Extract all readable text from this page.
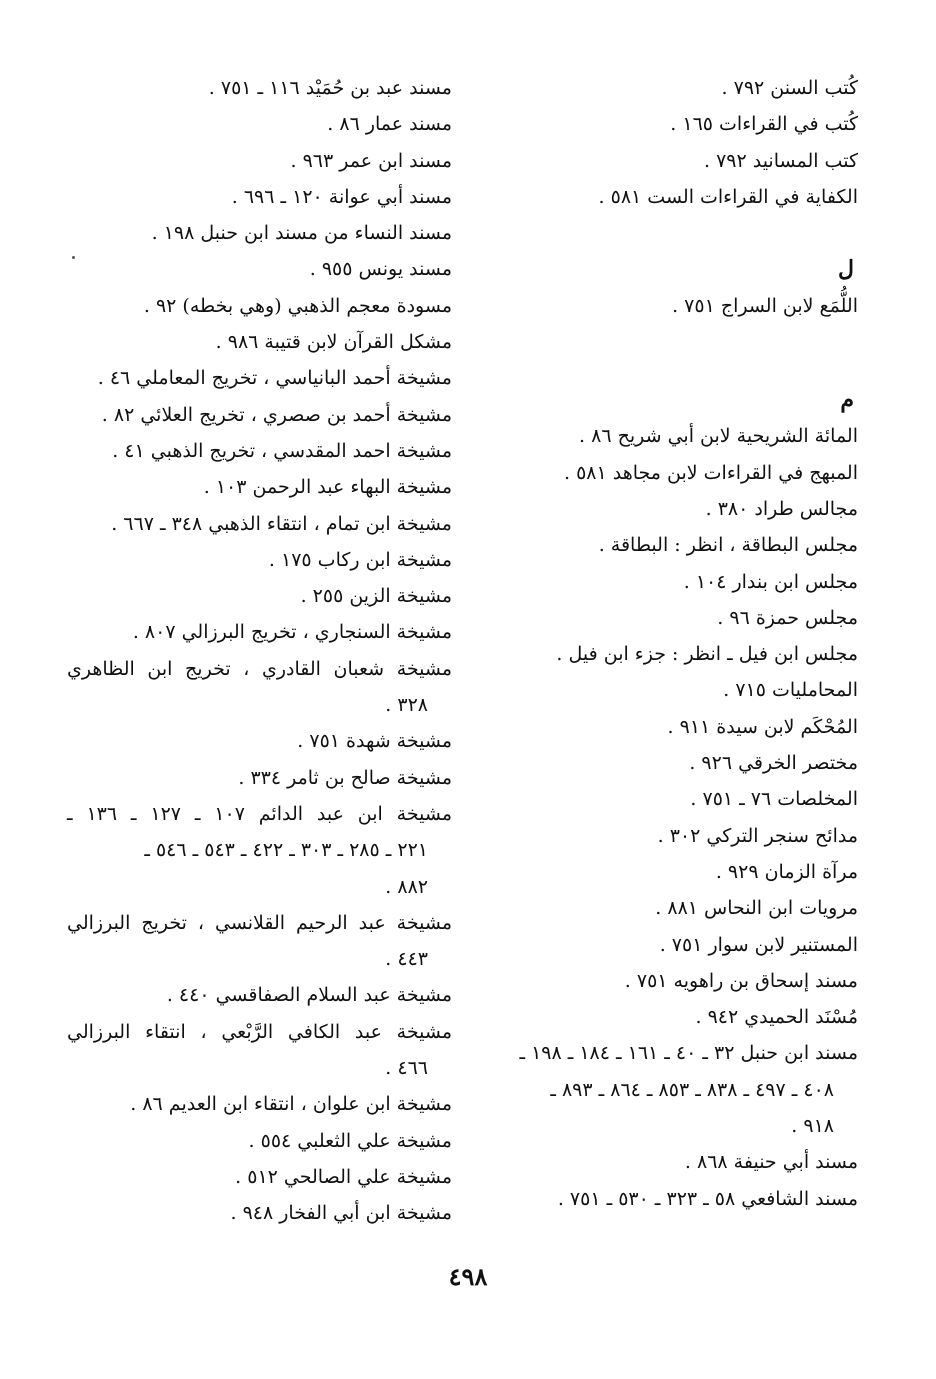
كُتب السنن ٧٩٢ .
كُتب في القراءات ١٦٥ .
كتب المسانيد ٧٩٢ .
الكفاية في القراءات الست ٥٨١ .
ل
اللُّمَع لابن السراج ٧٥١ .
م
المائة الشريحية لابن أبي شريح ٨٦ .
المبهج في القراءات لابن مجاهد ٥٨١ .
مجالس طراد ٣٨٠ .
مجلس البطاقة ، انظر : البطاقة .
مجلس ابن بندار ١٠٤ .
مجلس حمزة ٩٦ .
مجلس ابن فيل ـ انظر : جزء ابن فيل .
المحامليات ٧١٥ .
المُحْكَم لابن سيدة ٩١١ .
مختصر الخرقي ٩٢٦ .
المخلصات ٧٦ ـ ٧٥١ .
مدائح سنجر التركي ٣٠٢ .
مرآة الزمان ٩٢٩ .
مرويات ابن النحاس ٨٨١ .
المستنير لابن سوار ٧٥١ .
مسند إسحاق بن راهويه ٧٥١ .
مُسْنَد الحميدي ٩٤٢ .
مسند ابن حنبل ٣٢ ـ ٤٠ ـ ١٦١ ـ ١٨٤ ـ ١٩٨ ـ
٤٠٨ ـ ٤٩٧ ـ ٨٣٨ ـ ٨٥٣ ـ ٨٦٤ ـ ٨٩٣ ـ
٩١٨ .
مسند أبي حنيفة ٨٦٨ .
مسند الشافعي ٥٨ ـ ٣٢٣ ـ ٥٣٠ ـ ٧٥١ .
مسند عبد بن حُمَيْد ١١٦ ـ ٧٥١ .
مسند عمار ٨٦ .
مسند ابن عمر ٩٦٣ .
مسند أبي عوانة ١٢٠ ـ ٦٩٦ .
مسند النساء من مسند ابن حنبل ١٩٨ .
مسند يونس ٩٥٥ .
مسودة معجم الذهبي (وهي بخطه) ٩٢ .
مشكل القرآن لابن قتيبة ٩٨٦ .
مشيخة أحمد البانياسي ، تخريج المعاملي ٤٦ .
مشيخة أحمد بن صصري ، تخريج العلائي ٨٢ .
مشيخة احمد المقدسي ، تخريج الذهبي ٤١ .
مشيخة البهاء عبد الرحمن ١٠٣ .
مشيخة ابن تمام ، انتقاء الذهبي ٣٤٨ ـ ٦٦٧ .
مشيخة ابن ركاب ١٧٥ .
مشيخة الزين ٢٥٥ .
مشيخة السنجاري ، تخريج البرزالي ٨٠٧ .
مشيخة شعبان القادري ، تخريج ابن الظاهري
٣٢٨ .
مشيخة شهدة ٧٥١ .
مشيخة صالح بن ثامر ٣٣٤ .
مشيخة ابن عبد الدائم ١٠٧ ـ ١٢٧ ـ ١٣٦ ـ
٢٢١ ـ ٢٨٥ ـ ٣٠٣ ـ ٤٢٢ ـ ٥٤٣ ـ ٥٤٦ ـ
٨٨٢ .
مشيخة عبد الرحيم القلانسي ، تخريج البرزالي
٤٤٣ .
مشيخة عبد السلام الصفاقسي ٤٤٠ .
مشيخة عبد الكافي الرَّبْعي ، انتقاء البرزالي
٤٦٦ .
مشيخة ابن علوان ، انتقاء ابن العديم ٨٦ .
مشيخة علي الثعلبي ٥٥٤ .
مشيخة علي الصالحي ٥١٢ .
مشيخة ابن أبي الفخار ٩٤٨ .
٤٩٨
